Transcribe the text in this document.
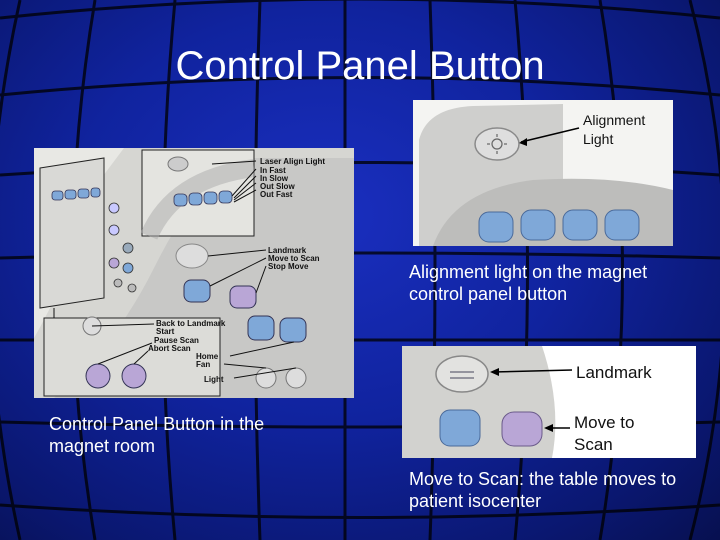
Control Panel Button
Laser Align Light
In Fast
In Slow
Out Slow
Out Fast
Landmark
Move to Scan
Stop Move
Back to Landmark
Start
Pause Scan
Abort Scan
Home
Fan
Light
Alignment Light
Landmark
Move to Scan
Alignment light on the magnet control panel button
Control Panel Button in the magnet room
Move to Scan: the table moves to patient isocenter
